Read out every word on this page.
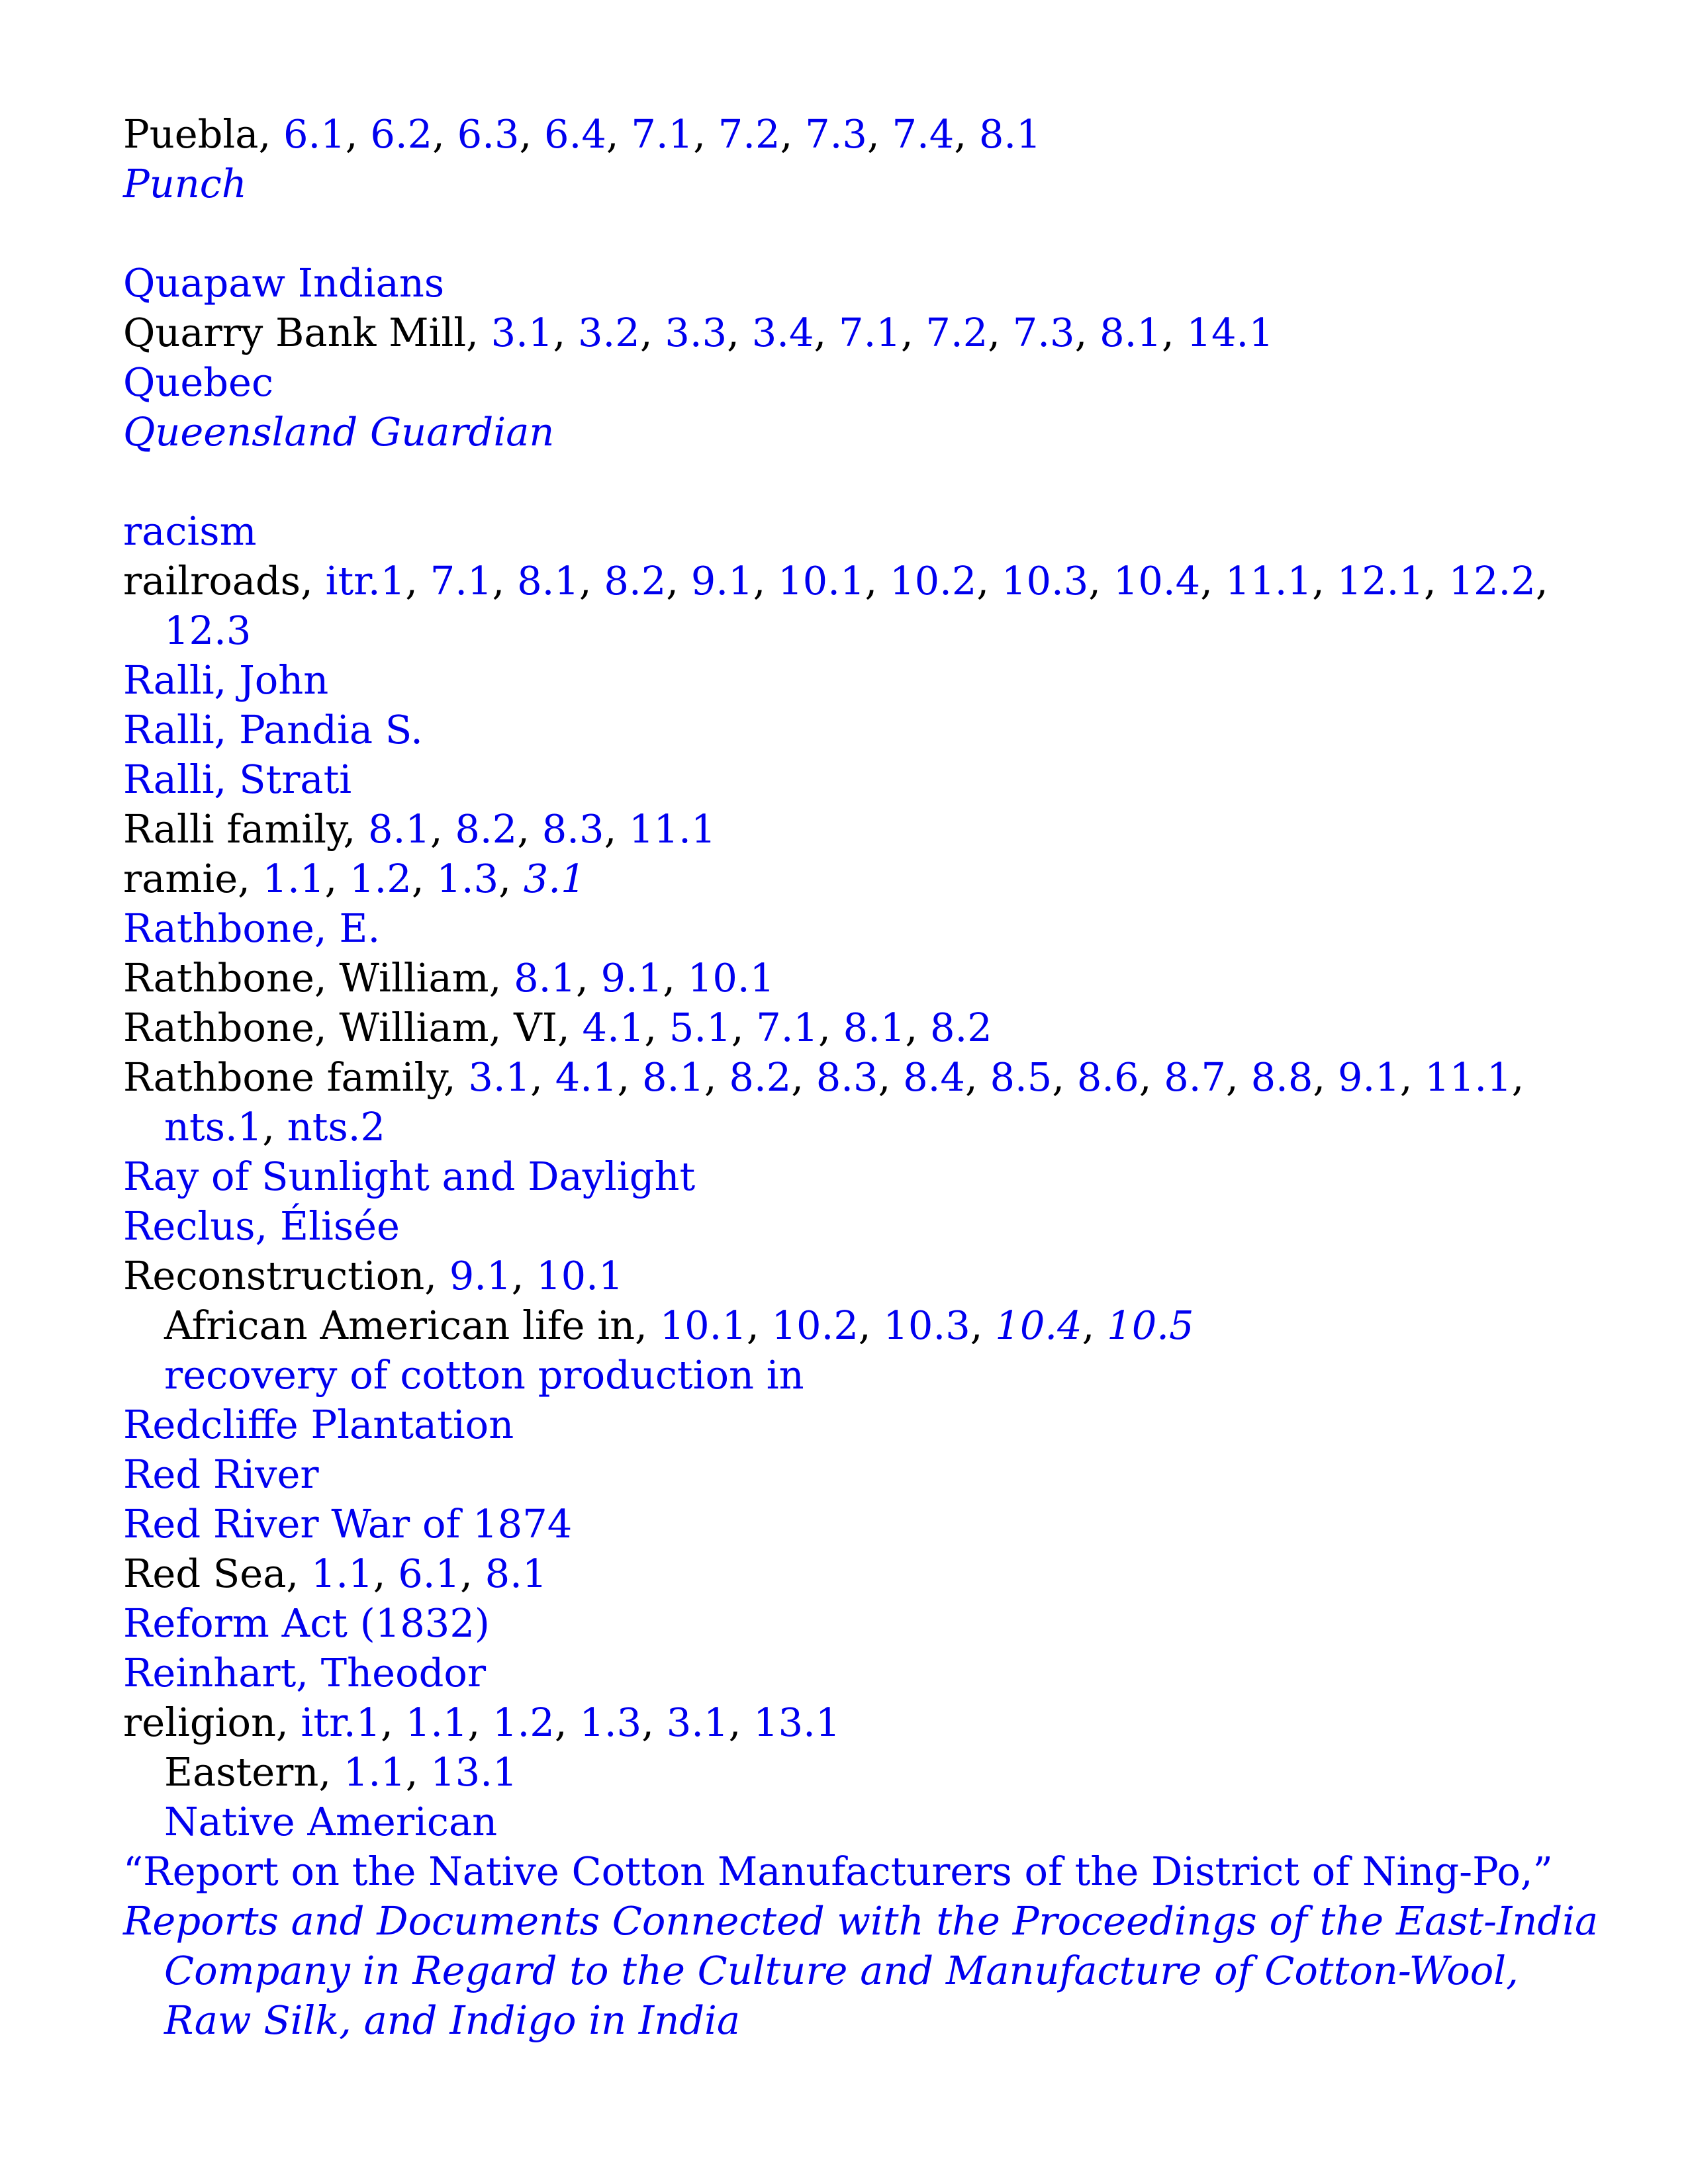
Puebla, 6.1, 6.2, 6.3, 6.4, 7.1, 7.2, 7.3, 7.4, 8.1
Punch
Quapaw Indians
Quarry Bank Mill, 3.1, 3.2, 3.3, 3.4, 7.1, 7.2, 7.3, 8.1, 14.1
Quebec
Queensland Guardian
racism
railroads, itr.1, 7.1, 8.1, 8.2, 9.1, 10.1, 10.2, 10.3, 10.4, 11.1, 12.1, 12.2, 12.3
Ralli, John
Ralli, Pandia S.
Ralli, Strati
Ralli family, 8.1, 8.2, 8.3, 11.1
ramie, 1.1, 1.2, 1.3, 3.1
Rathbone, E.
Rathbone, William, 8.1, 9.1, 10.1
Rathbone, William, VI, 4.1, 5.1, 7.1, 8.1, 8.2
Rathbone family, 3.1, 4.1, 8.1, 8.2, 8.3, 8.4, 8.5, 8.6, 8.7, 8.8, 9.1, 11.1, nts.1, nts.2
Ray of Sunlight and Daylight
Reclus, Élisée
Reconstruction, 9.1, 10.1
African American life in, 10.1, 10.2, 10.3, 10.4, 10.5
recovery of cotton production in
Redcliffe Plantation
Red River
Red River War of 1874
Red Sea, 1.1, 6.1, 8.1
Reform Act (1832)
Reinhart, Theodor
religion, itr.1, 1.1, 1.2, 1.3, 3.1, 13.1
Eastern, 1.1, 13.1
Native American
“Report on the Native Cotton Manufacturers of the District of Ning-Po,”
Reports and Documents Connected with the Proceedings of the East-India Company in Regard to the Culture and Manufacture of Cotton-Wool, Raw Silk, and Indigo in India
